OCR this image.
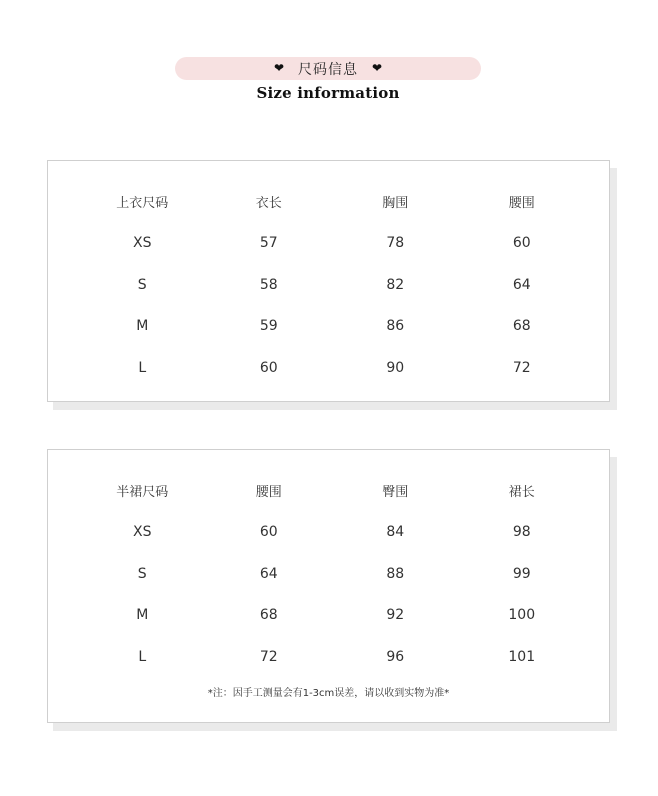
❤ 尺码信息 ❤
Size information
上衣尺码	衣长	胸围	腰围
XS	57	78	60
S	58	82	64
M	59	86	68
L	60	90	72
半裙尺码	腰围	臀围	裙长
XS	60	84	98
S	64	88	99
M	68	92	100
L	72	96	101
*注：因手工测量会有1-3cm误差，请以收到实物为准*
